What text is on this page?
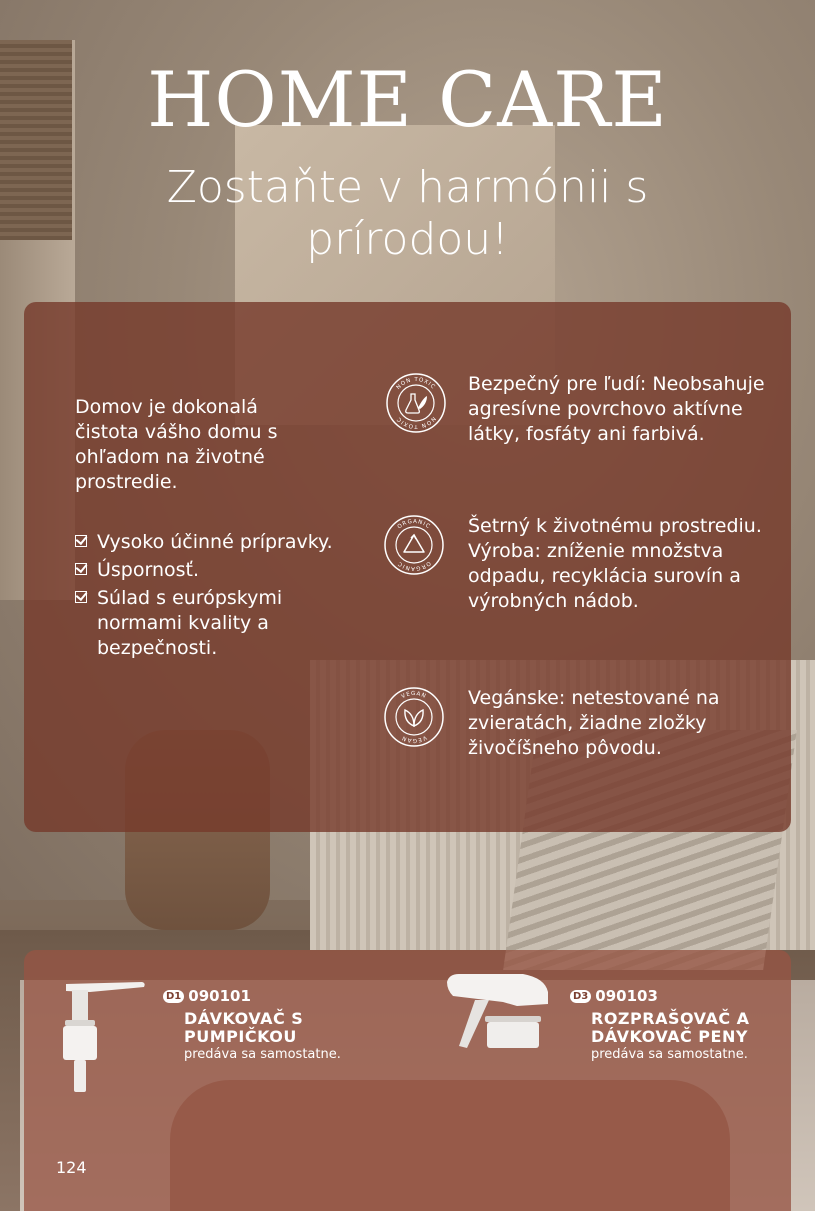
HOME CARE
Zostaňte v harmónii s prírodou!
Domov je dokonalá čistota vášho domu s ohľadom na životné prostredie.
Vysoko účinné prípravky.
Úspornosť.
Súlad s európskymi normami kvality a bezpečnosti.
NON TOXIC
NON TOXIC
Bezpečný pre ľudí: Neobsahuje agresívne povrchovo aktívne látky, fosfáty ani farbivá.
ORGANIC
ORGANIC
Šetrný k životnému prostrediu. Výroba: zníženie množstva odpadu, recyklácia surovín a výrobných nádob.
VEGAN
VEGAN
Vegánske: netestované na zvieratách, žiadne zložky živočíšneho pôvodu.
D1 090101
DÁVKOVAČ S
PUMPIČKOU
predáva sa samostatne.
D3 090103
ROZPRAŠOVAČ A
DÁVKOVAČ PENY
predáva sa samostatne.
124
